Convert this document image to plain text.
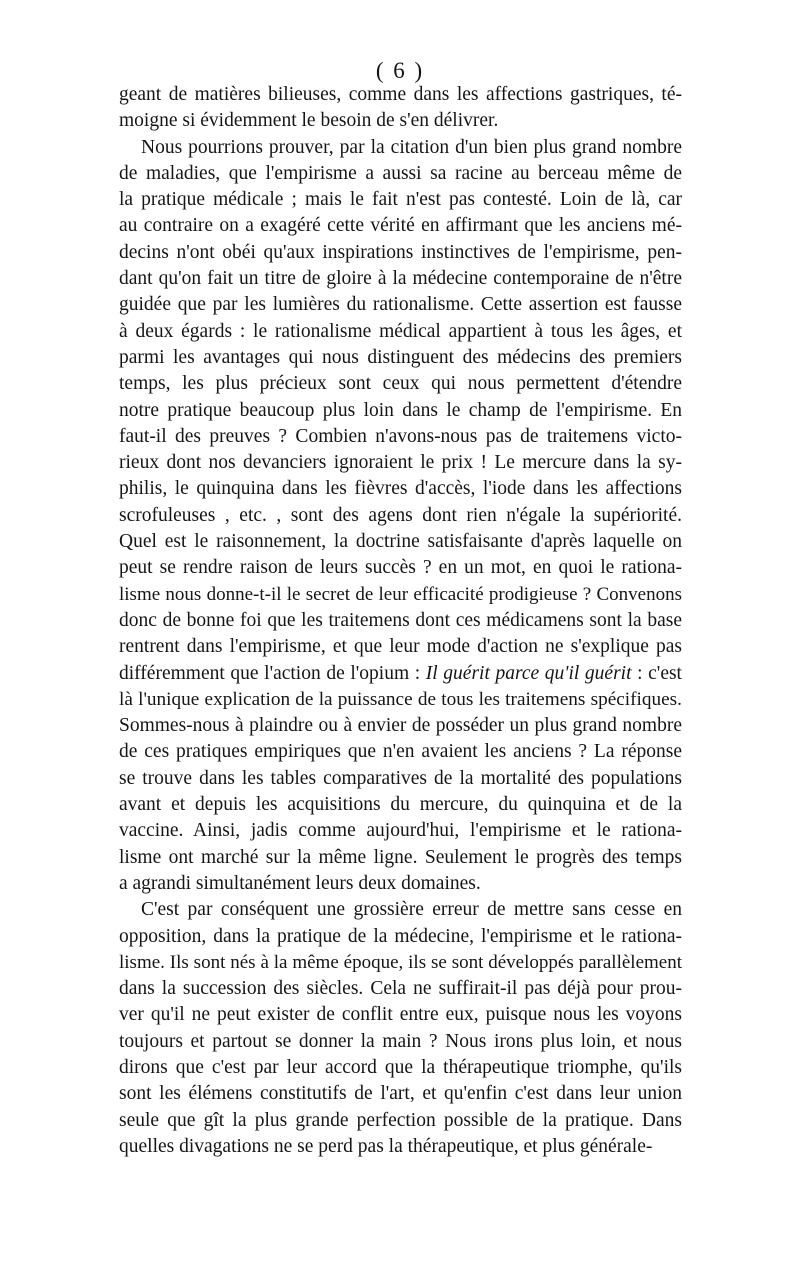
( 6 )
geant de matières bilieuses, comme dans les affections gastriques, té-
moigne si évidemment le besoin de s'en délivrer.
Nous pourrions prouver, par la citation d'un bien plus grand nombre
de maladies, que l'empirisme a aussi sa racine au berceau même de
la pratique médicale ; mais le fait n'est pas contesté. Loin de là, car
au contraire on a exagéré cette vérité en affirmant que les anciens mé-
decins n'ont obéi qu'aux inspirations instinctives de l'empirisme, pen-
dant qu'on fait un titre de gloire à la médecine contemporaine de n'être
guidée que par les lumières du rationalisme. Cette assertion est fausse
à deux égards : le rationalisme médical appartient à tous les âges, et
parmi les avantages qui nous distinguent des médecins des premiers
temps, les plus précieux sont ceux qui nous permettent d'étendre
notre pratique beaucoup plus loin dans le champ de l'empirisme. En
faut-il des preuves ? Combien n'avons-nous pas de traitemens victo-
rieux dont nos devanciers ignoraient le prix ! Le mercure dans la sy-
philis, le quinquina dans les fièvres d'accès, l'iode dans les affections
scrofuleuses , etc. , sont des agens dont rien n'égale la supériorité.
Quel est le raisonnement, la doctrine satisfaisante d'après laquelle on
peut se rendre raison de leurs succès ? en un mot, en quoi le rationa-
lisme nous donne-t-il le secret de leur efficacité prodigieuse ? Convenons
donc de bonne foi que les traitemens dont ces médicamens sont la base
rentrent dans l'empirisme, et que leur mode d'action ne s'explique pas
différemment que l'action de l'opium : Il guérit parce qu'il guérit : c'est
là l'unique explication de la puissance de tous les traitemens spécifiques.
Sommes-nous à plaindre ou à envier de posséder un plus grand nombre
de ces pratiques empiriques que n'en avaient les anciens ? La réponse
se trouve dans les tables comparatives de la mortalité des populations
avant et depuis les acquisitions du mercure, du quinquina et de la
vaccine. Ainsi, jadis comme aujourd'hui, l'empirisme et le rationa-
lisme ont marché sur la même ligne. Seulement le progrès des temps
a agrandi simultanément leurs deux domaines.
C'est par conséquent une grossière erreur de mettre sans cesse en
opposition, dans la pratique de la médecine, l'empirisme et le rationa-
lisme. Ils sont nés à la même époque, ils se sont développés parallèlement
dans la succession des siècles. Cela ne suffirait-il pas déjà pour prou-
ver qu'il ne peut exister de conflit entre eux, puisque nous les voyons
toujours et partout se donner la main ? Nous irons plus loin, et nous
dirons que c'est par leur accord que la thérapeutique triomphe, qu'ils
sont les élémens constitutifs de l'art, et qu'enfin c'est dans leur union
seule que gît la plus grande perfection possible de la pratique. Dans
quelles divagations ne se perd pas la thérapeutique, et plus générale-
